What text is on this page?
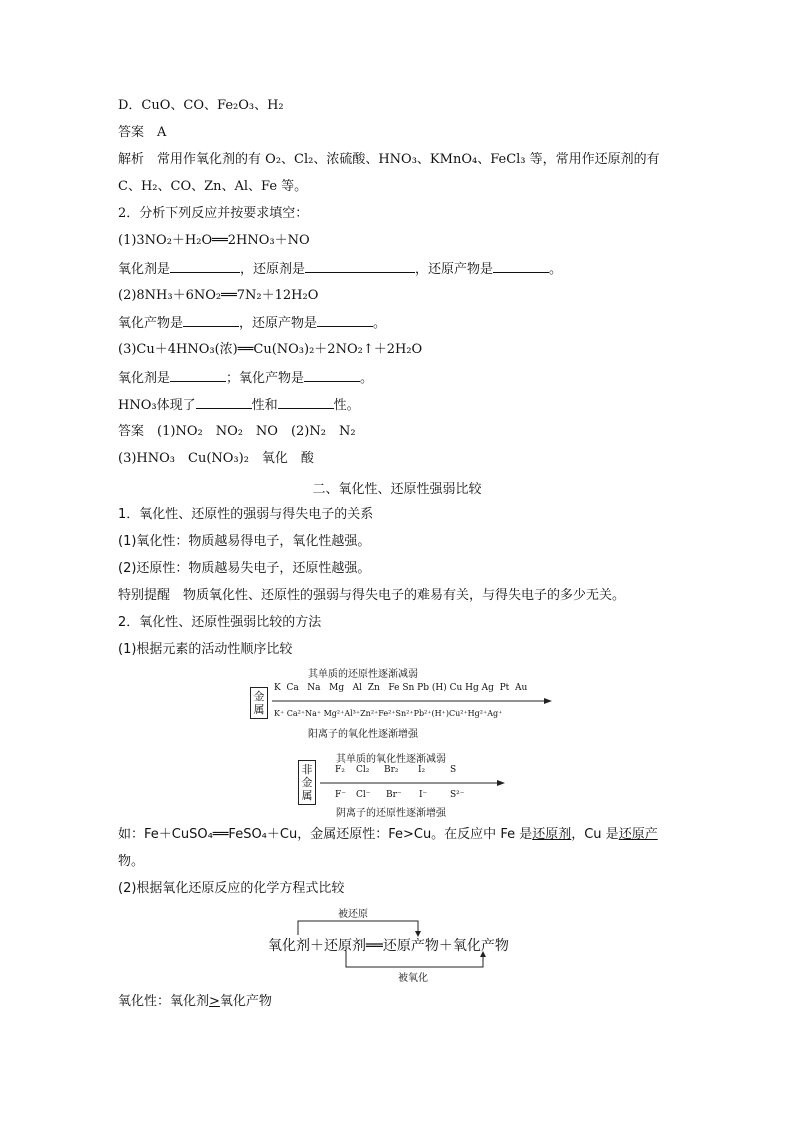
D．CuO、CO、Fe₂O₃、H₂
答案　 A
解析　 常用作氧化剂的有 O₂、Cl₂、浓硫酸、HNO₃、KMnO₄、FeCl₃ 等，常用作还原剂的有
C、H₂、CO、Zn、Al、Fe 等。
2．分析下列反应并按要求填空：
(1)3NO₂＋H₂O══2HNO₃＋NO
氧化剂是	，还原剂是	，还原产物是	。
(2)8NH₃＋6NO₂══7N₂＋12H₂O
氧化产物是	，还原产物是	。
(3)Cu＋4HNO₃(浓)══Cu(NO₃)₂＋2NO₂↑＋2H₂O
氧化剂是	；氧化产物是	。
HNO₃体现了	性和	性。
答案　 (1)NO₂　NO₂　NO　(2)N₂　N₂
(3)HNO₃　Cu(NO₃)₂　氧化　酸
二、氧化性、还原性强弱比较
1．氧化性、还原性的强弱与得失电子的关系
(1)氧化性：物质越易得电子，氧化性越强。
(2)还原性：物质越易失电子，还原性越强。
特别提醒　 物质氧化性、还原性的强弱与得失电子的难易有关，与得失电子的多少无关。
2．氧化性、还原性强弱比较的方法
(1)根据元素的活动性顺序比较
其单质的还原性逐渐减弱
金属
K  Ca   Na   Mg   Al  Zn   Fe Sn Pb (H) Cu Hg Ag  Pt  Au
K⁺ Ca²⁺Na⁺ Mg²⁺Al³⁺Zn²⁺Fe²⁺Sn²⁺Pb²⁺(H⁺)Cu²⁺Hg²⁺Ag⁺
阳离子的氧化性逐渐增强
其单质的氧化性逐渐减弱
非金属
F₂ Cl₂ Br₂ I₂	S
F⁻ Cl⁻ Br⁻ I⁻	S²⁻
阴离子的还原性逐渐增强
如：Fe＋CuSO₄══FeSO₄＋Cu，金属还原性：Fe>Cu。在反应中 Fe 是还原剂，Cu 是还原产
物。
(2)根据氧化还原反应的化学方程式比较
被还原
氧化剂＋还原剂══还原产物＋氧化产物
被氧化
氧化性：氧化剂>氧化产物
